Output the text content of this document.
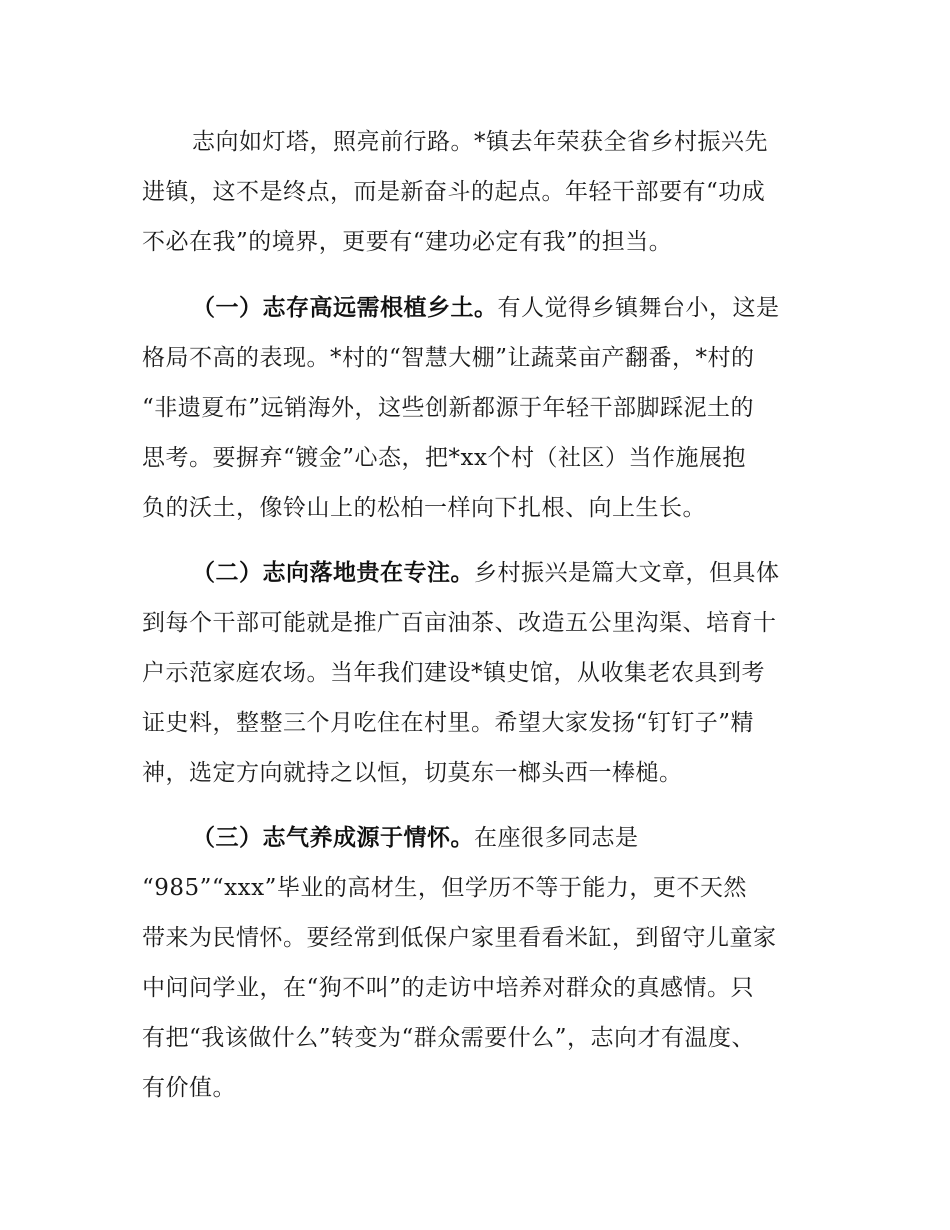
志向如灯塔，照亮前行路。*镇去年荣获全省乡村振兴先
进镇，这不是终点，而是新奋斗的起点。年轻干部要有“功成
不必在我”的境界，更要有“建功必定有我”的担当。
（一）志存高远需根植乡土。有人觉得乡镇舞台小，这是
格局不高的表现。*村的“智慧大棚”让蔬菜亩产翻番，*村的
“非遗夏布”远销海外，这些创新都源于年轻干部脚踩泥土的
思考。要摒弃“镀金”心态，把*xx个村（社区）当作施展抱
负的沃土，像铃山上的松柏一样向下扎根、向上生长。
（二）志向落地贵在专注。乡村振兴是篇大文章，但具体
到每个干部可能就是推广百亩油茶、改造五公里沟渠、培育十
户示范家庭农场。当年我们建设*镇史馆，从收集老农具到考
证史料，整整三个月吃住在村里。希望大家发扬“钉钉子”精
神，选定方向就持之以恒，切莫东一榔头西一棒槌。
（三）志气养成源于情怀。在座很多同志是
“985”“xxx”毕业的高材生，但学历不等于能力，更不天然
带来为民情怀。要经常到低保户家里看看米缸，到留守儿童家
中问问学业，在“狗不叫”的走访中培养对群众的真感情。只
有把“我该做什么”转变为“群众需要什么”，志向才有温度、
有价值。
